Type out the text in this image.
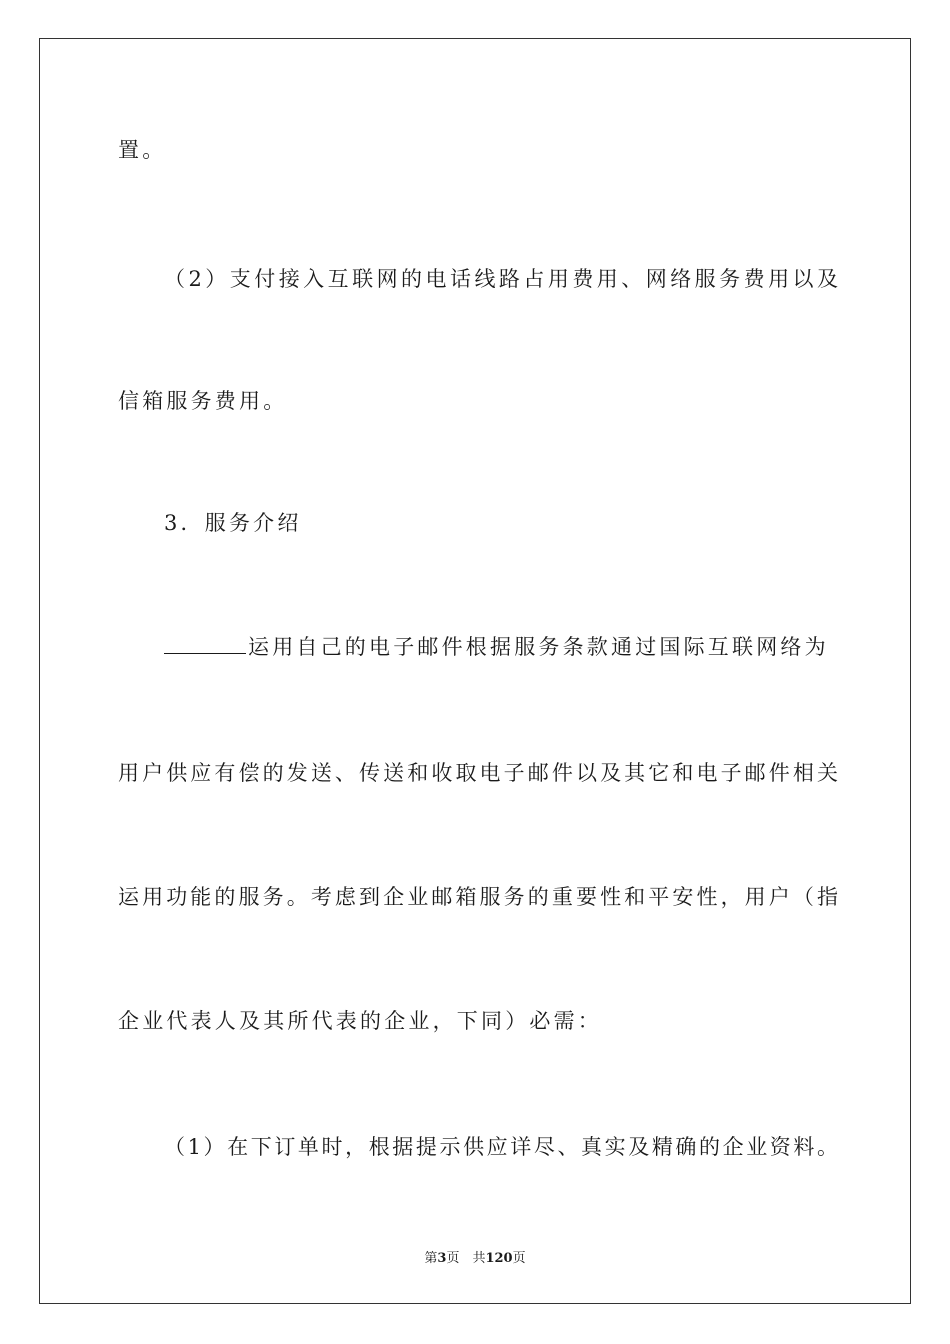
置。

（2）支付接入互联网的电话线路占用费用、网络服务费用以及

信箱服务费用。

3．服务介绍

运用自己的电子邮件根据服务条款通过国际互联网络为

用户供应有偿的发送、传送和收取电子邮件以及其它和电子邮件相关

运用功能的服务。考虑到企业邮箱服务的重要性和平安性，用户（指

企业代表人及其所代表的企业，下同）必需：

（1）在下订单时，根据提示供应详尽、真实及精确的企业资料。

第3页　共120页
